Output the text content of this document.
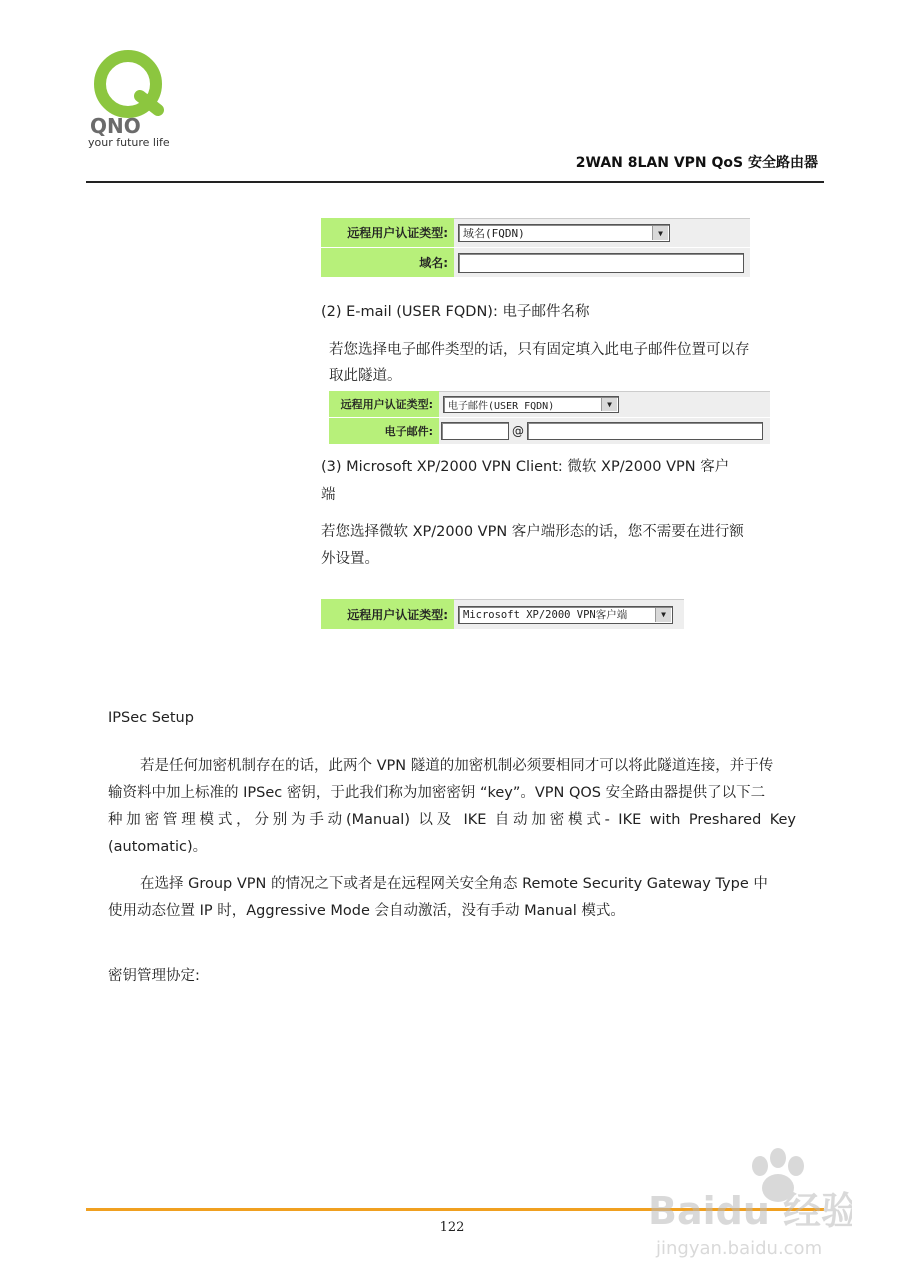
QNO
your future life
2WAN 8LAN VPN QoS 安全路由器
远程用户认证类型:	域名(FQDN)	▼
域名:
(2) E-mail (USER FQDN): 电子邮件名称
若您选择电子邮件类型的话，只有固定填入此电子邮件位置可以存
取此隧道。
远程用户认证类型:	电子邮件(USER FQDN)	▼
电子邮件:	@
(3) Microsoft XP/2000 VPN Client: 微软 XP/2000 VPN 客户
端
若您选择微软 XP/2000 VPN 客户端形态的话，您不需要在进行额
外设置。
远程用户认证类型:	Microsoft XP/2000 VPN客户端	▼
IPSec Setup
若是任何加密机制存在的话，此两个 VPN 隧道的加密机制必须要相同才可以将此隧道连接，并于传
输资料中加上标准的 IPSec 密钥，于此我们称为加密密钥 “key”。VPN QOS 安全路由器提供了以下二
种加密管理模式，分别为手动(Manual) 以及 IKE 自动加密模式- IKE with Preshared Key
(automatic)。
在选择 Group VPN 的情况之下或者是在远程网关安全角态 Remote Security Gateway Type 中
使用动态位置 IP 时，Aggressive Mode 会自动激活，没有手动 Manual 模式。
密钥管理协定:
122	Baidu 经验
jingyan.baidu.com
